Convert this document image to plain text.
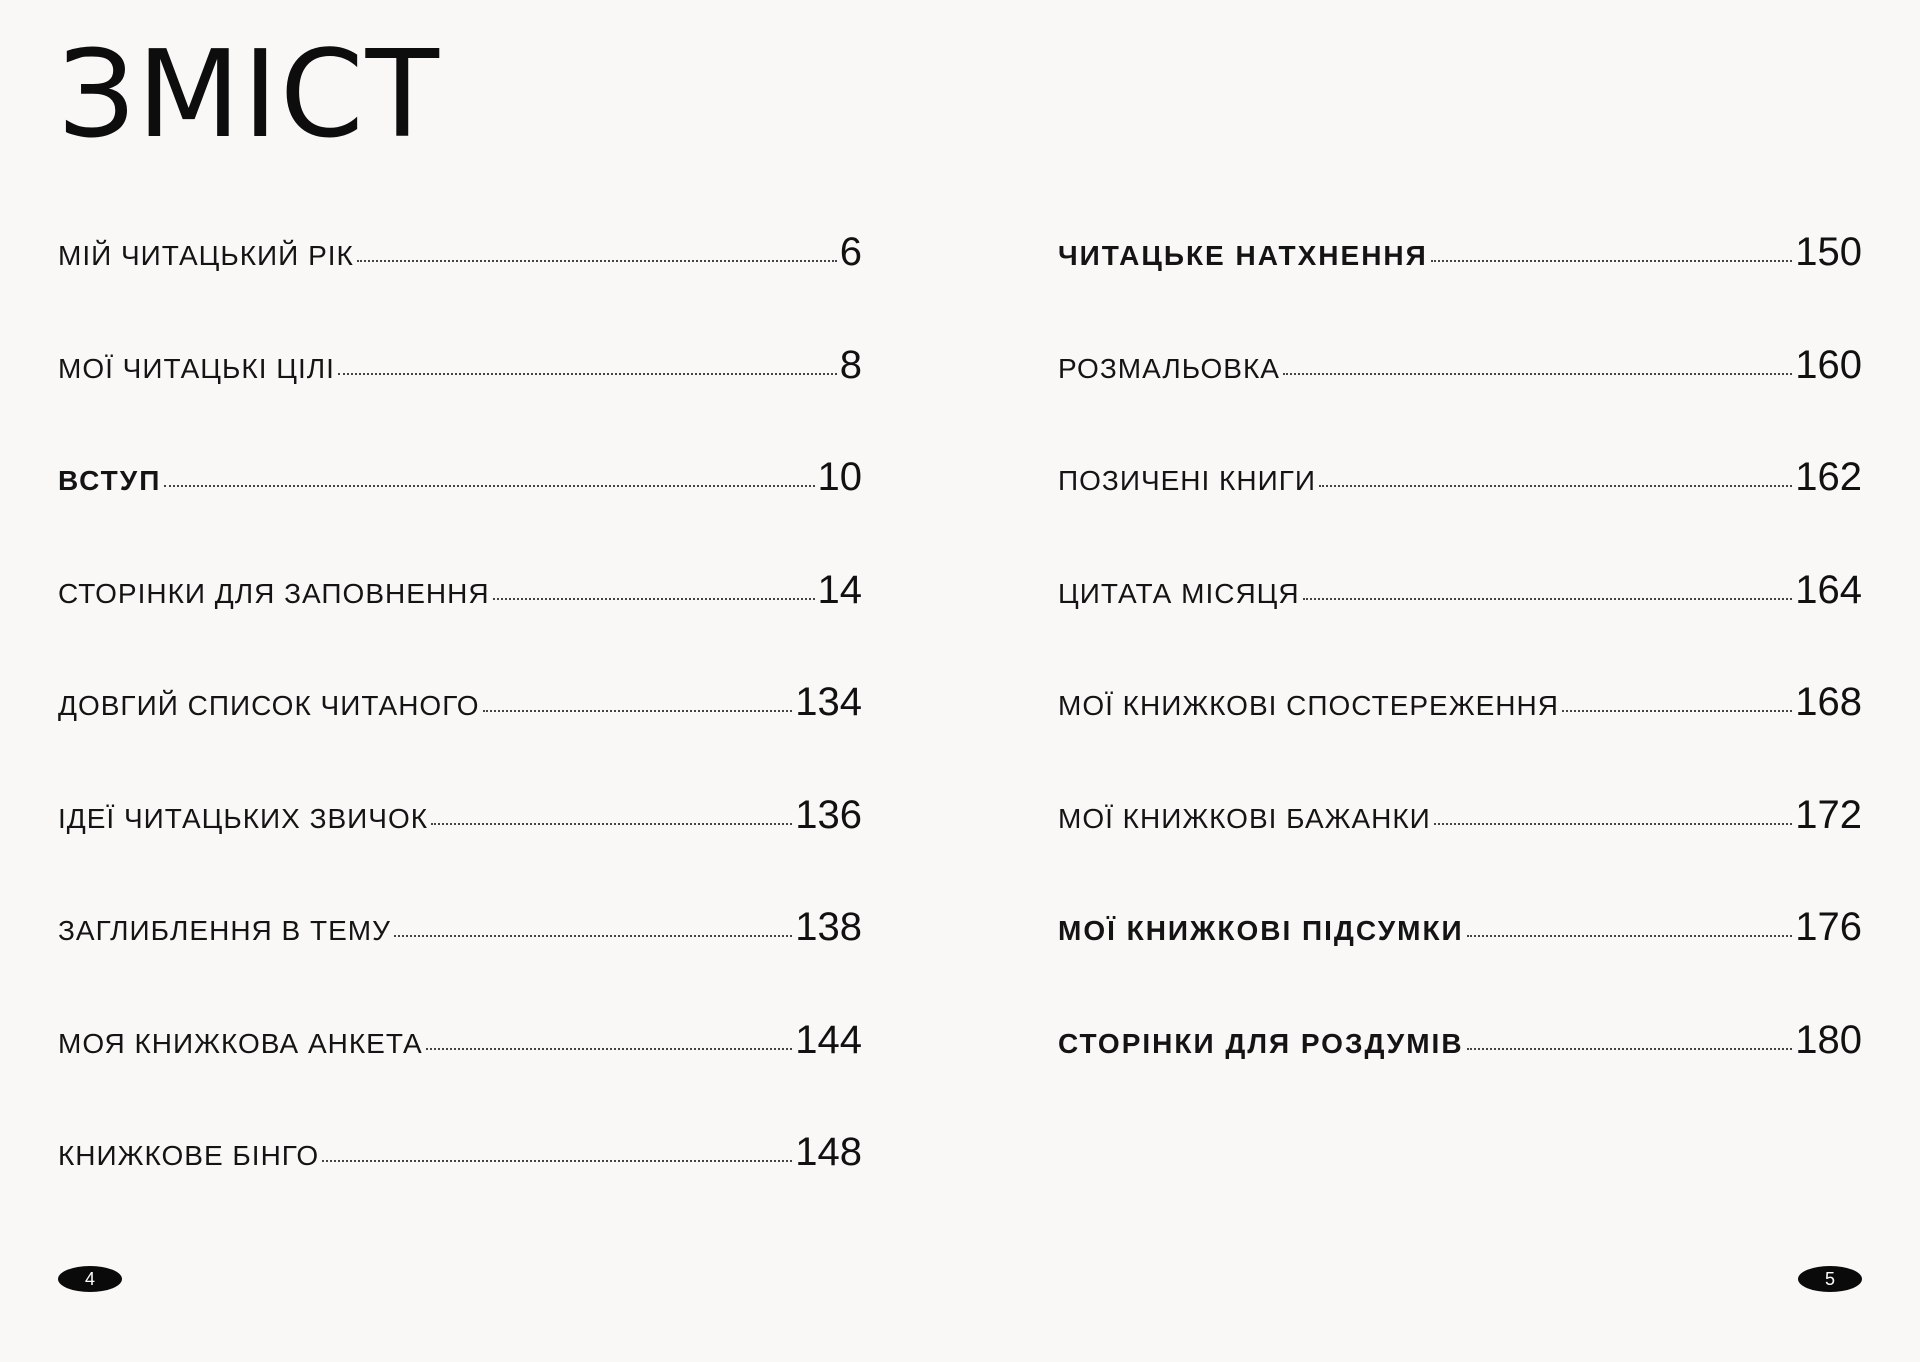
ЗМІСТ
МІЙ ЧИТАЦЬКИЙ РІК	6
МОЇ ЧИТАЦЬКІ ЦІЛІ	8
ВСТУП	10
СТОРІНКИ ДЛЯ ЗАПОВНЕННЯ	14
ДОВГИЙ СПИСОК ЧИТАНОГО	134
ІДЕЇ ЧИТАЦЬКИХ ЗВИЧОК	136
ЗАГЛИБЛЕННЯ В ТЕМУ	138
МОЯ КНИЖКОВА АНКЕТА	144
КНИЖКОВЕ БІНГО	148
ЧИТАЦЬКЕ НАТХНЕННЯ	150
РОЗМАЛЬОВКА	160
ПОЗИЧЕНІ КНИГИ	162
ЦИТАТА МІСЯЦЯ	164
МОЇ КНИЖКОВІ СПОСТЕРЕЖЕННЯ	168
МОЇ КНИЖКОВІ БАЖАНКИ	172
МОЇ КНИЖКОВІ ПІДСУМКИ	176
СТОРІНКИ ДЛЯ РОЗДУМІВ	180
4	5
